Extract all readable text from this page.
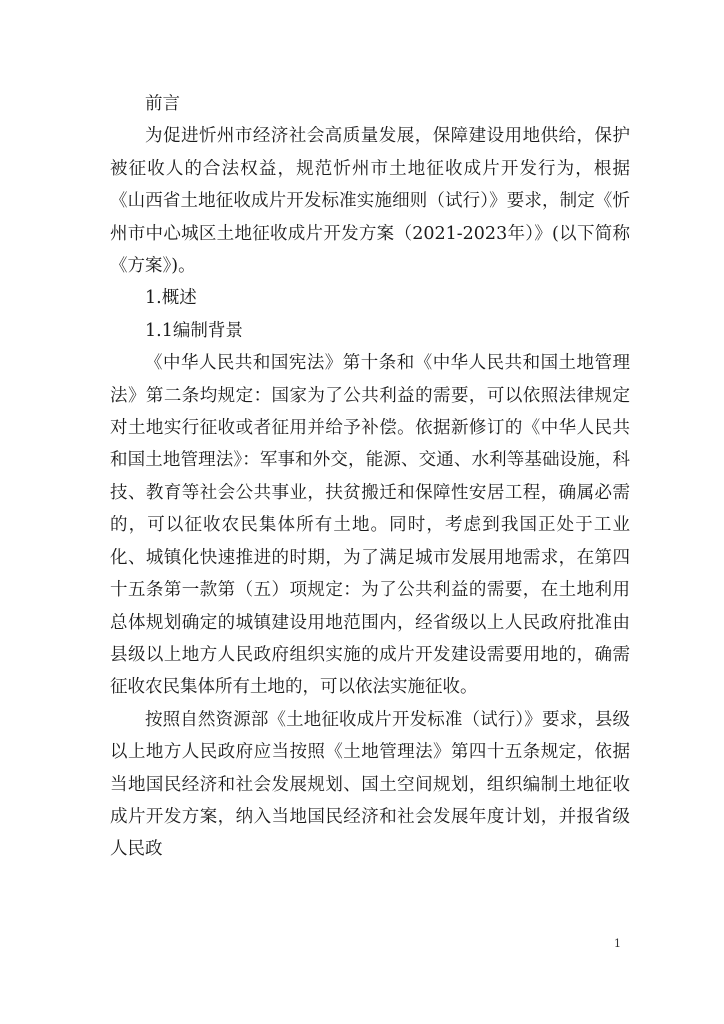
前言

为促进忻州市经济社会高质量发展，保障建设用地供给，保护被征收人的合法权益，规范忻州市土地征收成片开发行为，根据《山西省土地征收成片开发标准实施细则（试行）》要求，制定《忻州市中心城区土地征收成片开发方案（2021-2023年）》(以下简称《方案》)。

1.概述

1.1编制背景

《中华人民共和国宪法》第十条和《中华人民共和国土地管理法》第二条均规定：国家为了公共利益的需要，可以依照法律规定对土地实行征收或者征用并给予补偿。依据新修订的《中华人民共和国土地管理法》：军事和外交，能源、交通、水利等基础设施，科技、教育等社会公共事业，扶贫搬迁和保障性安居工程，确属必需的，可以征收农民集体所有土地。同时，考虑到我国正处于工业化、城镇化快速推进的时期，为了满足城市发展用地需求，在第四十五条第一款第（五）项规定：为了公共利益的需要，在土地利用总体规划确定的城镇建设用地范围内，经省级以上人民政府批准由县级以上地方人民政府组织实施的成片开发建设需要用地的，确需征收农民集体所有土地的，可以依法实施征收。

按照自然资源部《土地征收成片开发标准（试行）》要求，县级以上地方人民政府应当按照《土地管理法》第四十五条规定，依据当地国民经济和社会发展规划、国土空间规划，组织编制土地征收成片开发方案，纳入当地国民经济和社会发展年度计划，并报省级人民政

1
